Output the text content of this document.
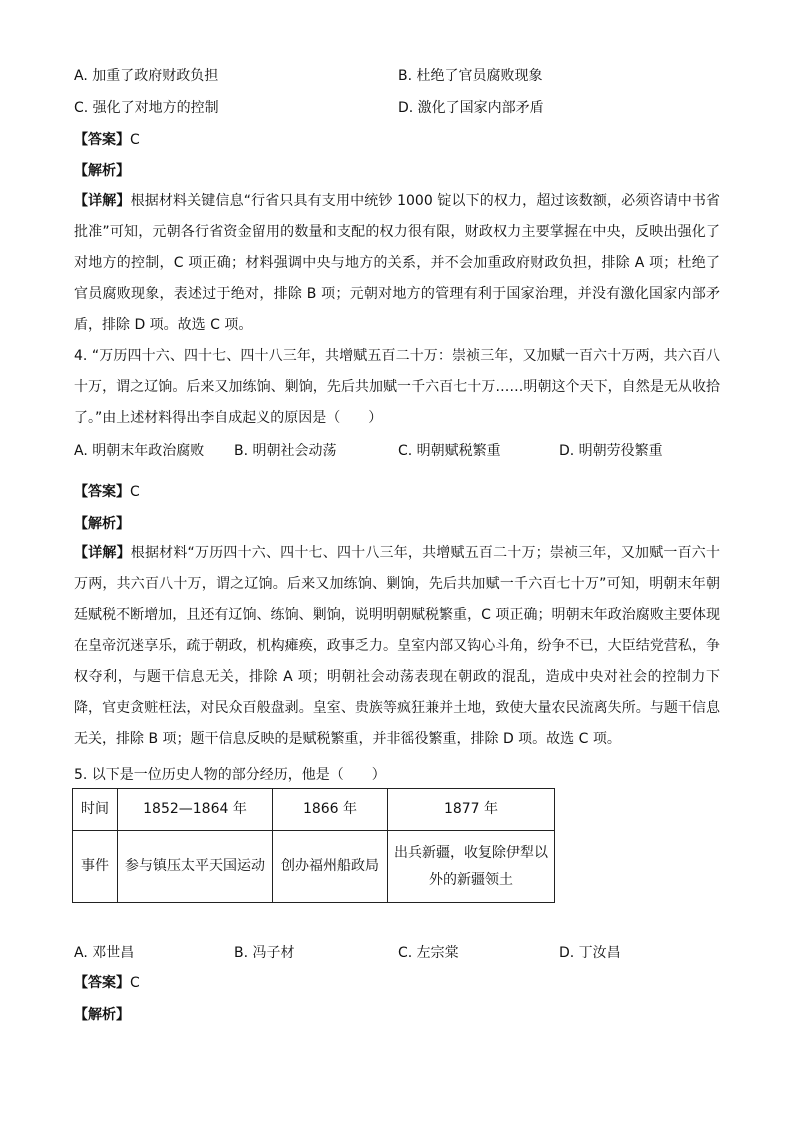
A. 加重了政府财政负担	B. 杜绝了官员腐败现象
C. 强化了对地方的控制	D. 激化了国家内部矛盾
【答案】C
【解析】
【详解】根据材料关键信息“行省只具有支用中统钞 1000 锭以下的权力，超过该数额，必须咨请中书省批准”可知，元朝各行省资金留用的数量和支配的权力很有限，财政权力主要掌握在中央，反映出强化了对地方的控制，C 项正确；材料强调中央与地方的关系，并不会加重政府财政负担，排除 A 项；杜绝了官员腐败现象，表述过于绝对，排除 B 项；元朝对地方的管理有利于国家治理，并没有激化国家内部矛盾，排除 D 项。故选 C 项。
4. “万历四十六、四十七、四十八三年，共增赋五百二十万：崇祯三年，又加赋一百六十万两，共六百八十万，谓之辽饷。后来又加练饷、剿饷，先后共加赋一千六百七十万……明朝这个天下，自然是无从收拾了。”由上述材料得出李自成起义的原因是（　　）
A. 明朝末年政治腐败 B. 明朝社会动荡	C. 明朝赋税繁重	D. 明朝劳役繁重
【答案】C
【解析】
【详解】根据材料“万历四十六、四十七、四十八三年，共增赋五百二十万；崇祯三年，又加赋一百六十万两，共六百八十万，谓之辽饷。后来又加练饷、剿饷，先后共加赋一千六百七十万”可知，明朝末年朝廷赋税不断增加，且还有辽饷、练饷、剿饷，说明明朝赋税繁重，C 项正确；明朝末年政治腐败主要体现在皇帝沉迷享乐，疏于朝政，机构瘫痪，政事乏力。皇室内部又钩心斗角，纷争不已，大臣结党营私，争权夺利，与题干信息无关，排除 A 项；明朝社会动荡表现在朝政的混乱，造成中央对社会的控制力下降，官吏贪赃枉法，对民众百般盘剥。皇室、贵族等疯狂兼并土地，致使大量农民流离失所。与题干信息无关，排除 B 项；题干信息反映的是赋税繁重，并非徭役繁重，排除 D 项。故选 C 项。
5. 以下是一位历史人物的部分经历，他是（　　）
时间	1852—1864 年	1866 年	1877 年
事件	参与镇压太平天国运动	创办福州船政局	出兵新疆，收复除伊犁以外的新疆领土
A. 邓世昌	B. 冯子材	C. 左宗棠	D. 丁汝昌
【答案】C
【解析】
